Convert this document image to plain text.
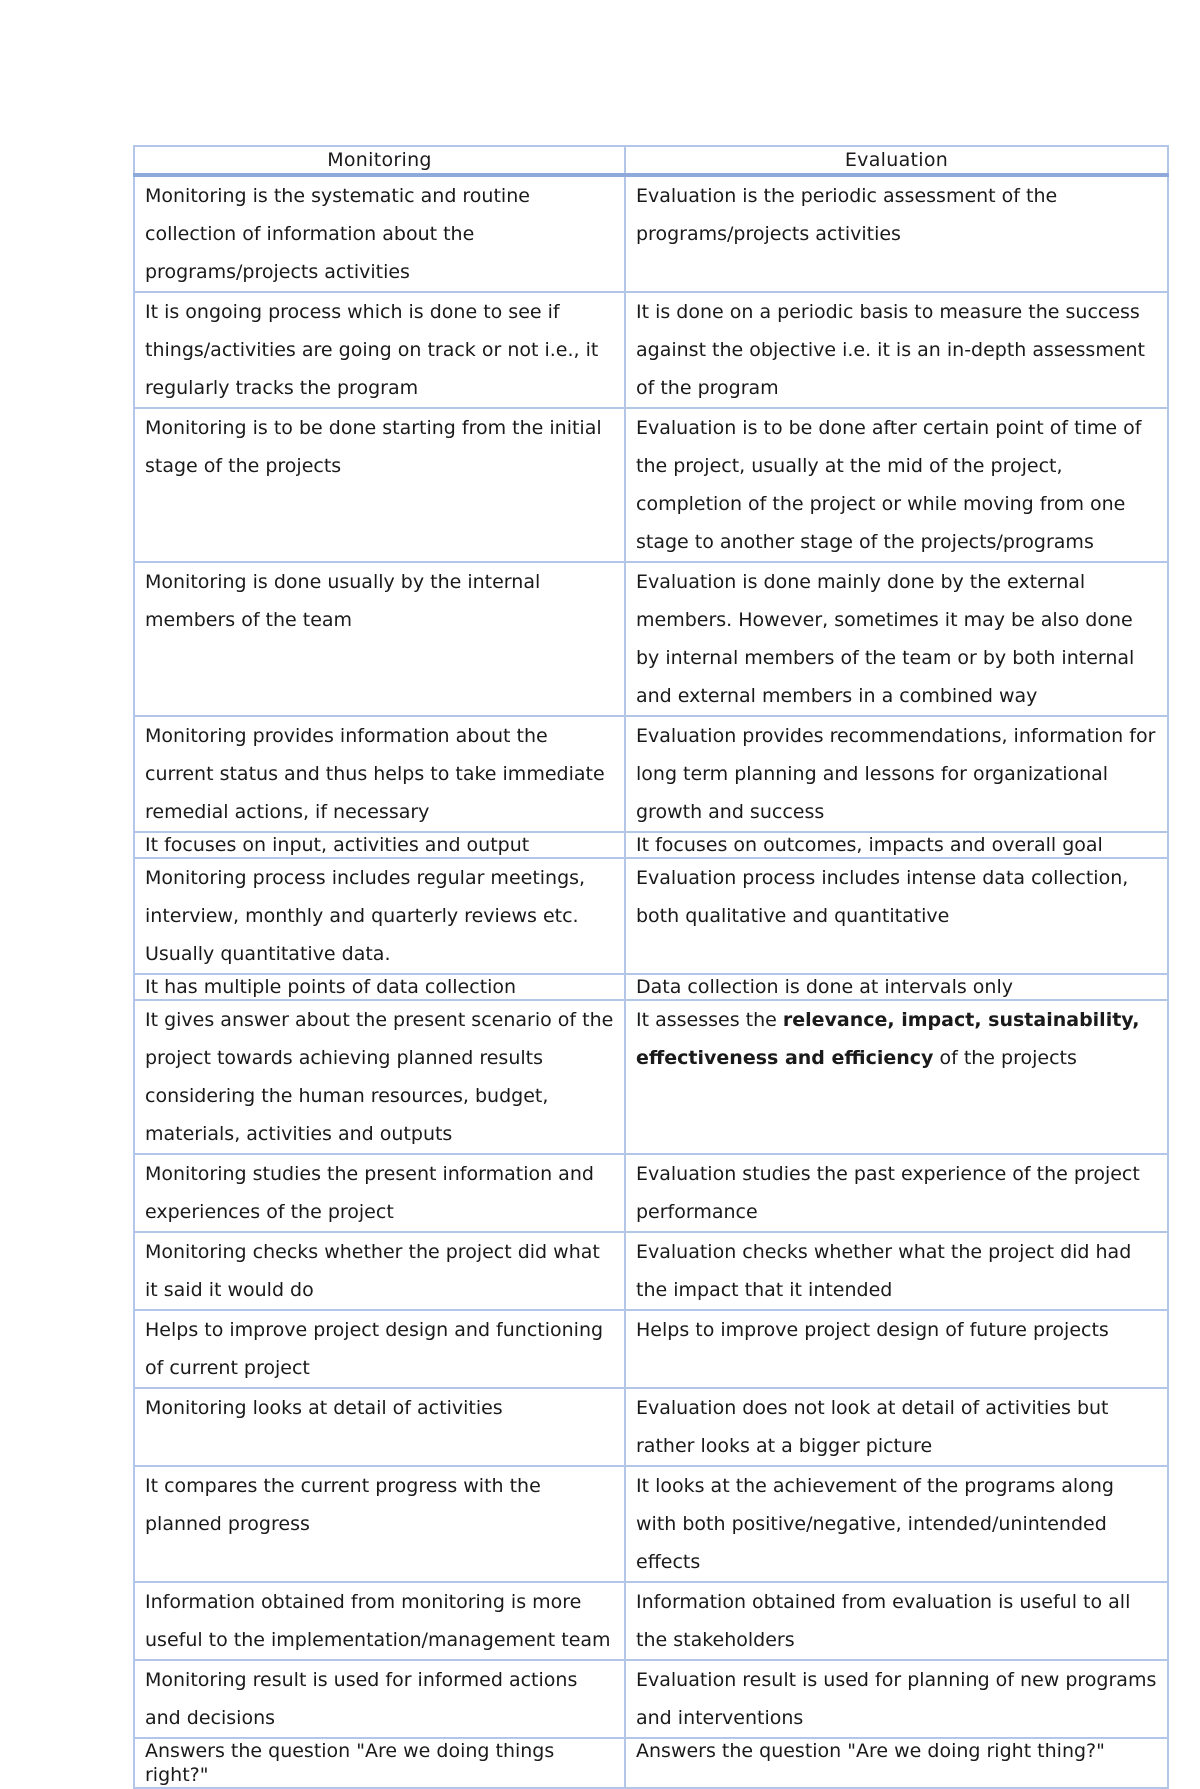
Monitoring	Evaluation
Monitoring is the systematic and routine collection of information about the programs/projects activities	Evaluation is the periodic assessment of the programs/projects activities
It is ongoing process which is done to see if things/activities are going on track or not i.e., it regularly tracks the program	It is done on a periodic basis to measure the success against the objective i.e. it is an in-depth assessment of the program
Monitoring is to be done starting from the initial stage of the projects	Evaluation is to be done after certain point of time of the project, usually at the mid of the project, completion of the project or while moving from one stage to another stage of the projects/programs
Monitoring is done usually by the internal members of the team	Evaluation is done mainly done by the external members. However, sometimes it may be also done by internal members of the team or by both internal and external members in a combined way
Monitoring provides information about the current status and thus helps to take immediate remedial actions, if necessary	Evaluation provides recommendations, information for long term planning and lessons for organizational growth and success
It focuses on input, activities and output	It focuses on outcomes, impacts and overall goal
Monitoring process includes regular meetings, interview, monthly and quarterly reviews etc. Usually quantitative data.	Evaluation process includes intense data collection, both qualitative and quantitative
It has multiple points of data collection	Data collection is done at intervals only
It gives answer about the present scenario of the project towards achieving planned results considering the human resources, budget, materials, activities and outputs	It assesses the relevance, impact, sustainability, effectiveness and efficiency of the projects
Monitoring studies the present information and experiences of the project	Evaluation studies the past experience of the project performance
Monitoring checks whether the project did what it said it would do	Evaluation checks whether what the project did had the impact that it intended
Helps to improve project design and functioning of current project	Helps to improve project design of future projects
Monitoring looks at detail of activities	Evaluation does not look at detail of activities but rather looks at a bigger picture
It compares the current progress with the planned progress	It looks at the achievement of the programs along with both positive/negative, intended/unintended effects
Information obtained from monitoring is more useful to the implementation/management team	Information obtained from evaluation is useful to all the stakeholders
Monitoring result is used for informed actions and decisions	Evaluation result is used for planning of new programs and interventions
Answers the question "Are we doing things right?"	Answers the question "Are we doing right thing?"
